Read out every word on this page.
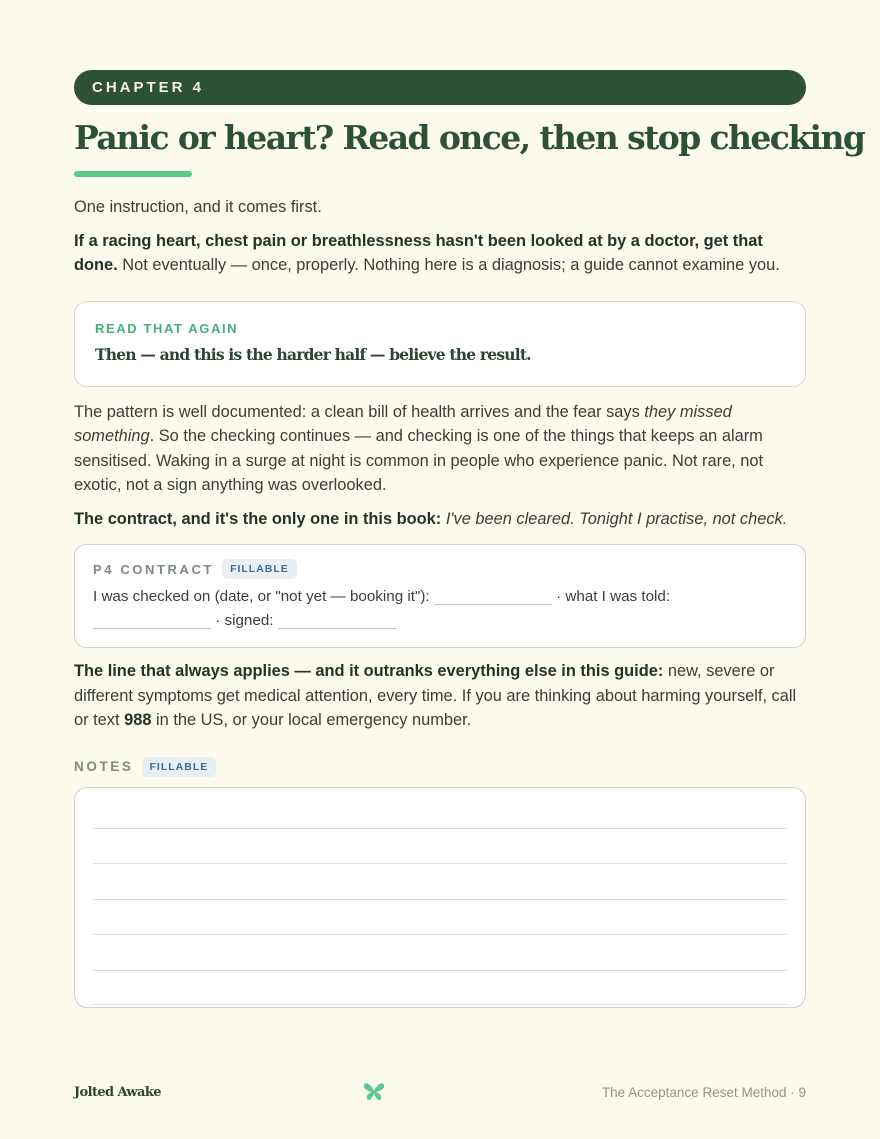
CHAPTER 4
Panic or heart? Read once, then stop checking

One instruction, and it comes first.

If a racing heart, chest pain or breathlessness hasn't been looked at by a doctor, get that done. Not eventually — once, properly. Nothing here is a diagnosis; a guide cannot examine you.

READ THAT AGAIN
Then — and this is the harder half — believe the result.

The pattern is well documented: a clean bill of health arrives and the fear says they missed something. So the checking continues — and checking is one of the things that keeps an alarm sensitised. Waking in a surge at night is common in people who experience panic. Not rare, not exotic, not a sign anything was overlooked.

The contract, and it's the only one in this book: I've been cleared. Tonight I practise, not check.

P4 CONTRACT	FILLABLE
I was checked on (date, or "not yet — booking it"):	· what I was told:
· signed:

The line that always applies — and it outranks everything else in this guide: new, severe or different symptoms get medical attention, every time. If you are thinking about harming yourself, call or text 988 in the US, or your local emergency number.

NOTES	FILLABLE
Jolted Awake	The Acceptance Reset Method · 9
